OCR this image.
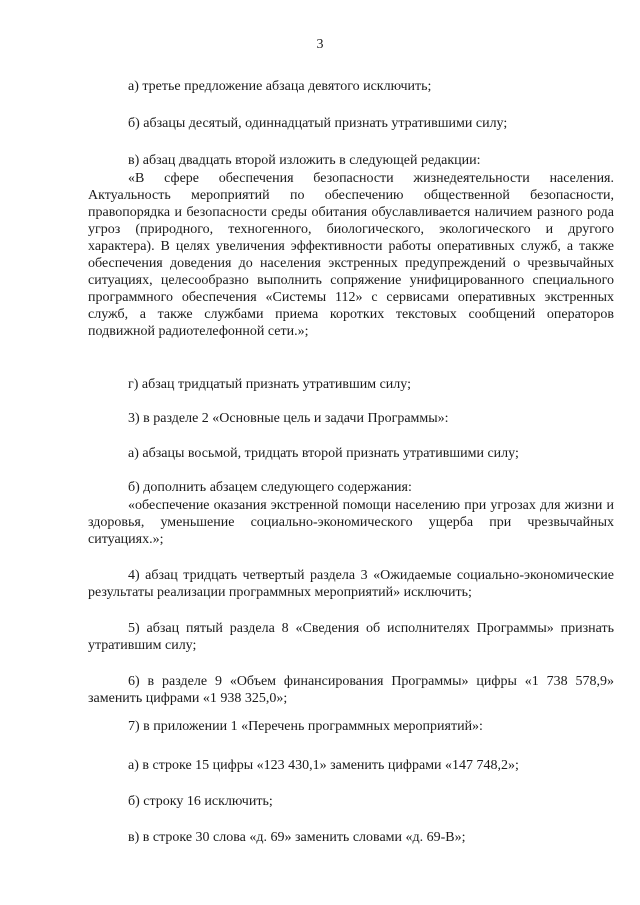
3

а) третье предложение абзаца девятого исключить;

б) абзацы десятый, одиннадцатый признать утратившими силу;

в) абзац двадцать второй изложить в следующей редакции:

«В сфере обеспечения безопасности жизнедеятельности населения. Актуальность мероприятий по обеспечению общественной безопасности, правопорядка и безопасности среды обитания обуславливается наличием разного рода угроз (природного, техногенного, биологического, экологического и другого характера). В целях увеличения эффективности работы оперативных служб, а также обеспечения доведения до населения экстренных предупреждений о чрезвычайных ситуациях, целесообразно выполнить сопряжение унифицированного специального программного обеспечения «Системы 112» с сервисами оперативных экстренных служб, а также службами приема коротких текстовых сообщений операторов подвижной радиотелефонной сети.»;

г) абзац тридцатый признать утратившим силу;

3) в разделе 2 «Основные цель и задачи Программы»:

а) абзацы восьмой, тридцать второй признать утратившими силу;

б) дополнить абзацем следующего содержания:

«обеспечение оказания экстренной помощи населению при угрозах для жизни и здоровья, уменьшение социально-экономического ущерба при чрезвычайных ситуациях.»;

4) абзац тридцать четвертый раздела 3 «Ожидаемые социально-экономические результаты реализации программных мероприятий» исключить;

5) абзац пятый раздела 8 «Сведения об исполнителях Программы» признать утратившим силу;

6) в разделе 9 «Объем финансирования Программы» цифры «1 738 578,9» заменить цифрами «1 938 325,0»;

7) в приложении 1 «Перечень программных мероприятий»:

а) в строке 15 цифры «123 430,1» заменить цифрами «147 748,2»;

б) строку 16 исключить;

в) в строке 30 слова «д. 69» заменить словами «д. 69-В»;
